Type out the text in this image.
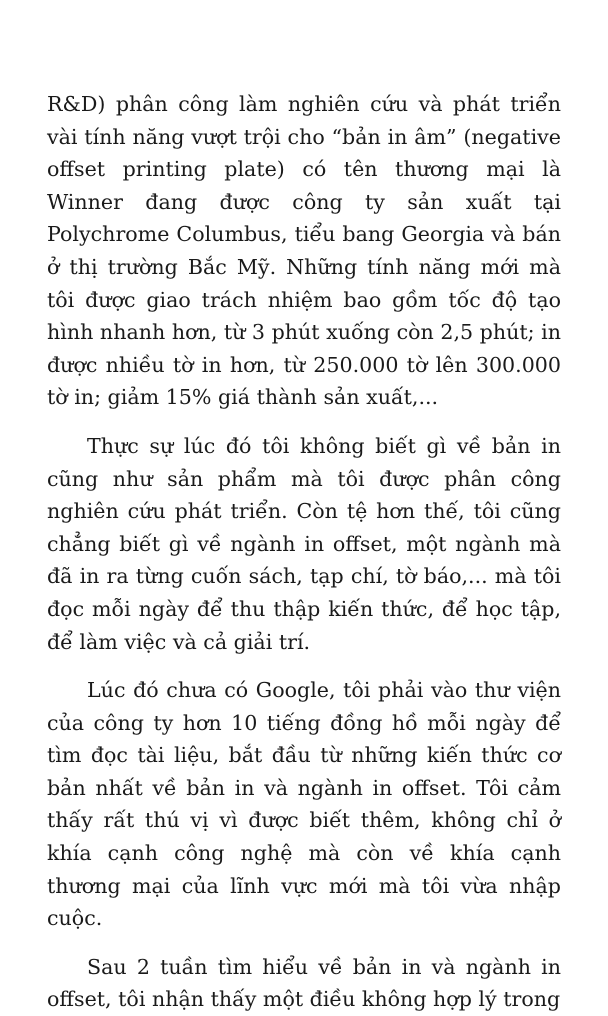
R&D) phân công làm nghiên cứu và phát triển vài tính năng vượt trội cho “bản in âm” (negative offset printing plate) có tên thương mại là Winner đang được công ty sản xuất tại Polychrome Columbus, tiểu bang Georgia và bán ở thị trường Bắc Mỹ. Những tính năng mới mà tôi được giao trách nhiệm bao gồm tốc độ tạo hình nhanh hơn, từ 3 phút xuống còn 2,5 phút; in được nhiều tờ in hơn, từ 250.000 tờ lên 300.000 tờ in; giảm 15% giá thành sản xuất,...

Thực sự lúc đó tôi không biết gì về bản in cũng như sản phẩm mà tôi được phân công nghiên cứu phát triển. Còn tệ hơn thế, tôi cũng chẳng biết gì về ngành in offset, một ngành mà đã in ra từng cuốn sách, tạp chí, tờ báo,... mà tôi đọc mỗi ngày để thu thập kiến thức, để học tập, để làm việc và cả giải trí.

Lúc đó chưa có Google, tôi phải vào thư viện của công ty hơn 10 tiếng đồng hồ mỗi ngày để tìm đọc tài liệu, bắt đầu từ những kiến thức cơ bản nhất về bản in và ngành in offset. Tôi cảm thấy rất thú vị vì được biết thêm, không chỉ ở khía cạnh công nghệ mà còn về khía cạnh thương mại của lĩnh vực mới mà tôi vừa nhập cuộc.

Sau 2 tuần tìm hiểu về bản in và ngành in offset, tôi nhận thấy một điều không hợp lý trong
